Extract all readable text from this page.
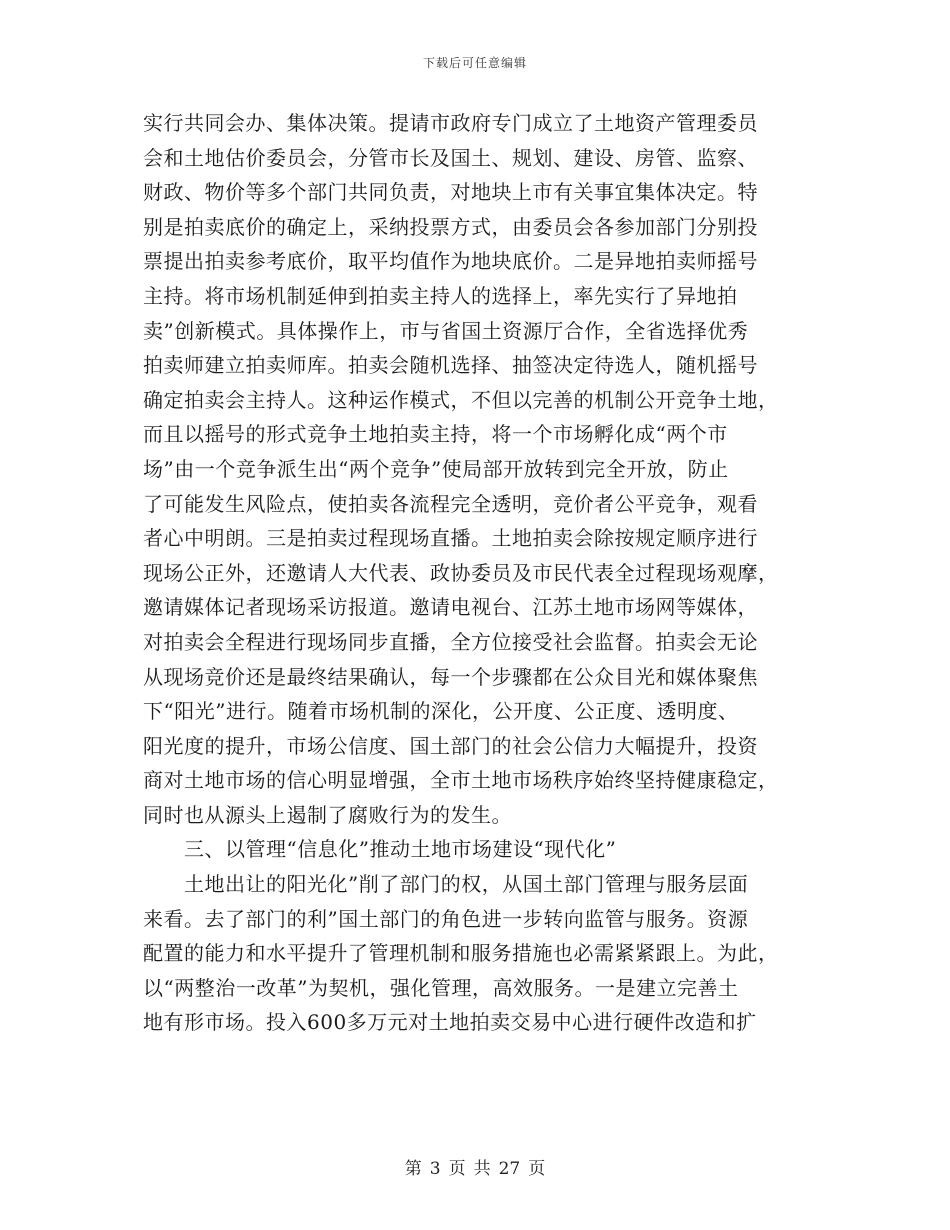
下载后可任意编辑
实行共同会办、集体决策。提请市政府专门成立了土地资产管理委员
会和土地估价委员会，分管市长及国土、规划、建设、房管、监察、
财政、物价等多个部门共同负责，对地块上市有关事宜集体决定。特
别是拍卖底价的确定上，采纳投票方式，由委员会各参加部门分别投
票提出拍卖参考底价，取平均值作为地块底价。二是异地拍卖师摇号
主持。将市场机制延伸到拍卖主持人的选择上，率先实行了异地拍
卖”创新模式。具体操作上，市与省国土资源厅合作，全省选择优秀
拍卖师建立拍卖师库。拍卖会随机选择、抽签决定待选人，随机摇号
确定拍卖会主持人。这种运作模式，不但以完善的机制公开竞争土地，
而且以摇号的形式竞争土地拍卖主持，将一个市场孵化成“两个市
场”由一个竞争派生出“两个竞争”使局部开放转到完全开放，防止
了可能发生风险点，使拍卖各流程完全透明，竞价者公平竞争，观看
者心中明朗。三是拍卖过程现场直播。土地拍卖会除按规定顺序进行
现场公正外，还邀请人大代表、政协委员及市民代表全过程现场观摩，
邀请媒体记者现场采访报道。邀请电视台、江苏土地市场网等媒体，
对拍卖会全程进行现场同步直播，全方位接受社会监督。拍卖会无论
从现场竞价还是最终结果确认，每一个步骤都在公众目光和媒体聚焦
下“阳光”进行。随着市场机制的深化，公开度、公正度、透明度、
阳光度的提升，市场公信度、国土部门的社会公信力大幅提升，投资
商对土地市场的信心明显增强，全市土地市场秩序始终坚持健康稳定，
同时也从源头上遏制了腐败行为的发生。
三、以管理“信息化”推动土地市场建设“现代化”
土地出让的阳光化”削了部门的权，从国土部门管理与服务层面
来看。去了部门的利”国土部门的角色进一步转向监管与服务。资源
配置的能力和水平提升了管理机制和服务措施也必需紧紧跟上。为此，
以“两整治一改革”为契机，强化管理，高效服务。一是建立完善土
地有形市场。投入600多万元对土地拍卖交易中心进行硬件改造和扩
第 3 页 共 27 页
